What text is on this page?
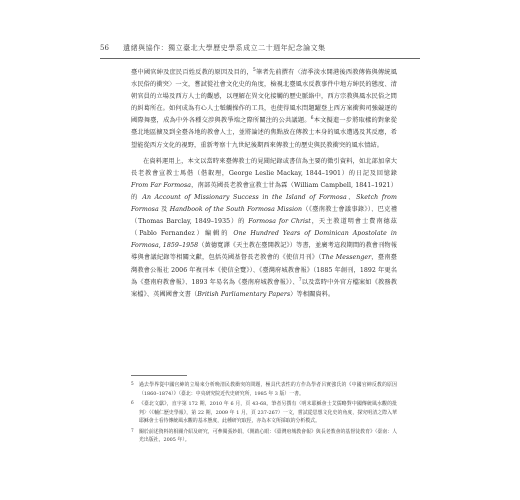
56 遺緒與協作：獨立臺北大學歷史學系成立二十週年紀念論文集

臺中國官紳及庶民百姓反教的原因及目的，$^5$筆者先前撰有〈清季淡水開港後西教傳佈與傳統風水民俗的衝突〉一文，嘗試從社會文化史的角度，檢視北臺風水反教事件中地方紳民的態度、清朝官員的立場及西方人士的觀感，以理解在異文化接觸的歷史脈絡中，西方宗教與風水民俗之間的糾葛所在。如何成為有心人士牴觸操作的工具，也使得風水問題躍登上西方案衝與司強競逐的國際舞臺，成為中外各種交涉與教爭端之際所關注的公共議題。$^6$本文擬進一步將取樣的對象從臺北地區擴及到全臺各地的教會人士，並將論述的焦點放在傳教士本身的風水遭遇及其反應，希望能從西方文化的視野，重新考察十九世紀後期西來傳教士的歷史與民教衝突的風水情結。

在資料運用上，本文以當時來臺傳教士的見聞紀錄或書信為主要的徵引資料，如北部加拿大長老教會宣教士馬偕（偕叡理，George Leslie Mackay, 1844–1901）的日記及回憶錄 From Far Formosa，南部英國長老教會宣教士甘為霖（William Campbell, 1841–1921）的 An Account of Missionary Success in the Island of Formosa、Sketch from Formosa 及 Handbook of the South Formosa Mission（《臺南教士會議事錄》）、巴克禮（Thomas Barclay, 1849–1935）的 Formosa for Christ，天主教道明會士費南德茲（Pablo Fernandez）編輯的 One Hundred Years of Dominican Apostolate in Formosa, 1859–1958（黃德寬譯《天主教在臺開教記》）等書，並廣考這段期間的教會刊物報導與會議紀錄等相關文獻，包括英國基督長老教會的《使信月刊》（The Messenger，臺南臺灣教會公報社 2006 年複刊本《使信全覽》）、《臺灣府城教會報》（1885 年創刊，1892 年更名為《臺南府教會報》、1893 年易名為《臺南府城教會報》）、$^7$以及當時中外官方檔案如《教務教案檔》、英國國會文書（British Parliamentary Papers）等相關資料。

5 過去學界從中國官紳的立場來分析晚清民教衝突的問題，極具代表性的方作為學者呂實強氏的《中國官紳反教的原因（1860–1874）》（臺北：中央研究院近代史研究所，1985 年 3 版）一書。
6 《臺北文獻》，直字第 172 期，2010 年 6 月，頁 43-68。筆者另撰有〈明末耶穌會士艾儒略對中國傳統風水觀的批判〉（《輔仁歷史學報》，第 22 期，2009 年 1 月，頁 237-267）一文，嘗試從思想文化史的角度，探究明清之際入華耶穌會士看待傳統風水觀的基本態度，此種研究取徑，亦為本文所採取的分析模式。
7 關於前述資料的相關介紹及研究，可參閱張妙娟，《開啟心眼：《臺灣府城教會報》與長老教會的基督徒教育》（臺南：人光出版社，2005 年）。
